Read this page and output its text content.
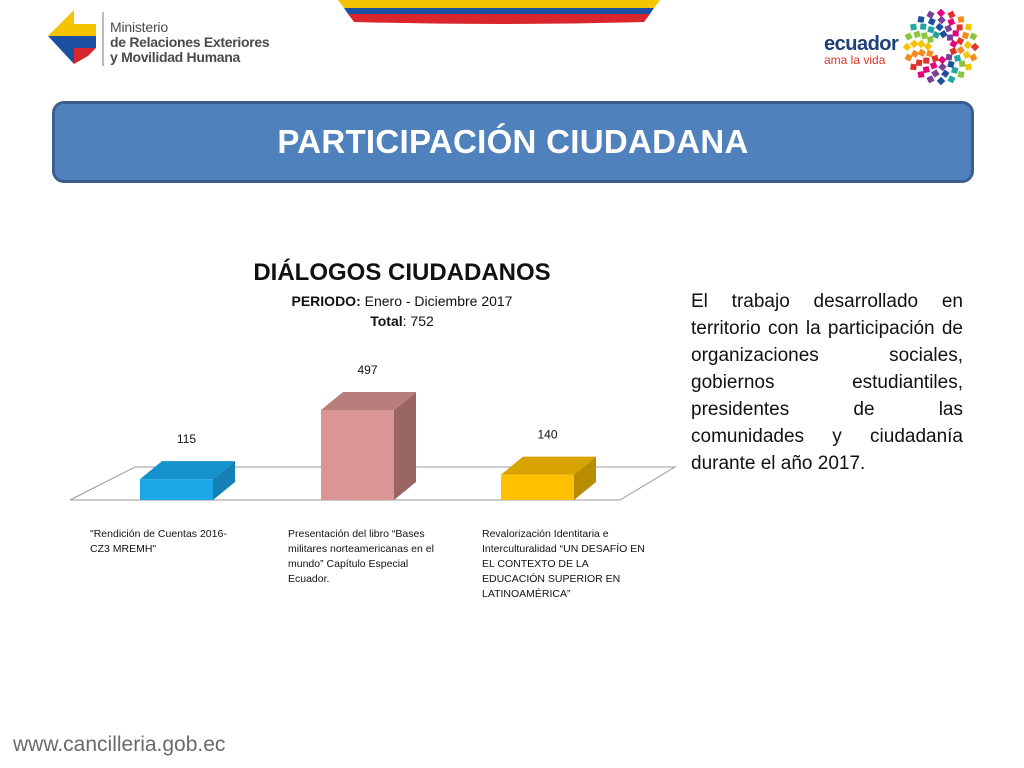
Ministerio
de Relaciones Exteriores
y Movilidad Humana
ecuador
ama la vida
PARTICIPACIÓN CIUDADANA
DIÁLOGOS CIUDADANOS
PERIODO: Enero - Diciembre 2017
Total: 752
115
497
140
"Rendición de Cuentas 2016-CZ3 MREMH"
Presentación del libro “Bases militares norteamericanas en el mundo” Capítulo Especial Ecuador.
Revalorización Identitaria e Interculturalidad “UN DESAFÍO EN EL CONTEXTO DE LA EDUCACIÓN SUPERIOR EN LATINOAMÉRICA”

El trabajo desarrollado en territorio con la participación de organizaciones sociales, gobiernos estudiantiles, presidentes de las comunidades y ciudadanía durante el año 2017.

www.cancilleria.gob.ec
